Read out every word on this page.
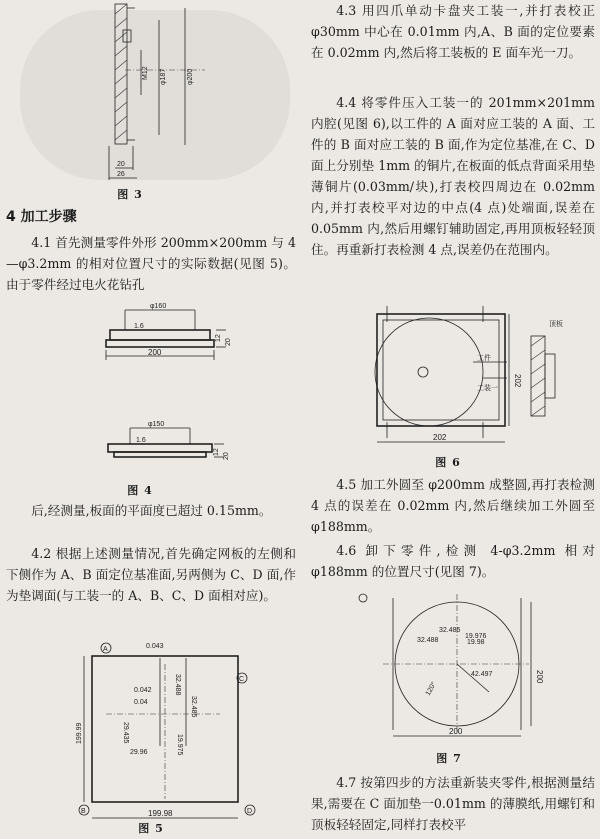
M12 φ187	φ200
20
26
图 3
4 加工步骤
4.1 首先测量零件外形 200mm×200mm 与 4—φ3.2mm 的相对位置尺寸的实际数据(见图 5)。由于零件经过电火花钻孔
φ160
1.6
200
12
20
φ150
1.6
12
20
图 4
后,经测量,板面的平面度已超过 0.15mm。
4.2 根据上述测量情况,首先确定网板的左侧和下侧作为 A、B 面定位基准面,另两侧为 C、D 面,作为垫调面(与工装一的 A、B、C、D 面相对应)。
A
C
B	D
0.043
32.488
32.485
0.042
0.04
19.975
29.435
29.96
199.99
199.98
图 5
4.3 用四爪单动卡盘夹工装一,并打表校正 φ30mm 中心在 0.01mm 内,A、B 面的定位要素在 0.02mm 内,然后将工装板的 E 面车光一刀。
4.4 将零件压入工装一的 201mm×201mm 内腔(见图 6),以工件的 A 面对应工装的 A 面、工件的 B 面对应工装的 B 面,作为定位基准,在 C、D 面上分别垫 1mm 的铜片,在板面的低点背面采用垫薄铜片(0.03mm/块),打表校四周边在 0.02mm 内,并打表校平对边的中点(4 点)处端面,误差在 0.05mm 内,然后用螺钉辅助固定,再用顶板轻轻顶住。再重新打表检测 4 点,误差仍在范围内。
202
202
工件
工装一
顶板
图 6
4.5 加工外圆至 φ200mm 成整圆,再打表检测 4 点的误差在 0.02mm 内,然后继续加工外圆至 φ188mm。
4.6 卸下零件,检测 4-φ3.2mm 相对 φ188mm 的位置尺寸(见图 7)。
200
200
32.485
32.488	19.98
19.976
42.497
120°
图 7
4.7 按第四步的方法重新装夹零件,根据测量结果,需要在 C 面加垫一0.01mm 的薄膜纸,用螺钉和顶板轻轻固定,同样打表校平
